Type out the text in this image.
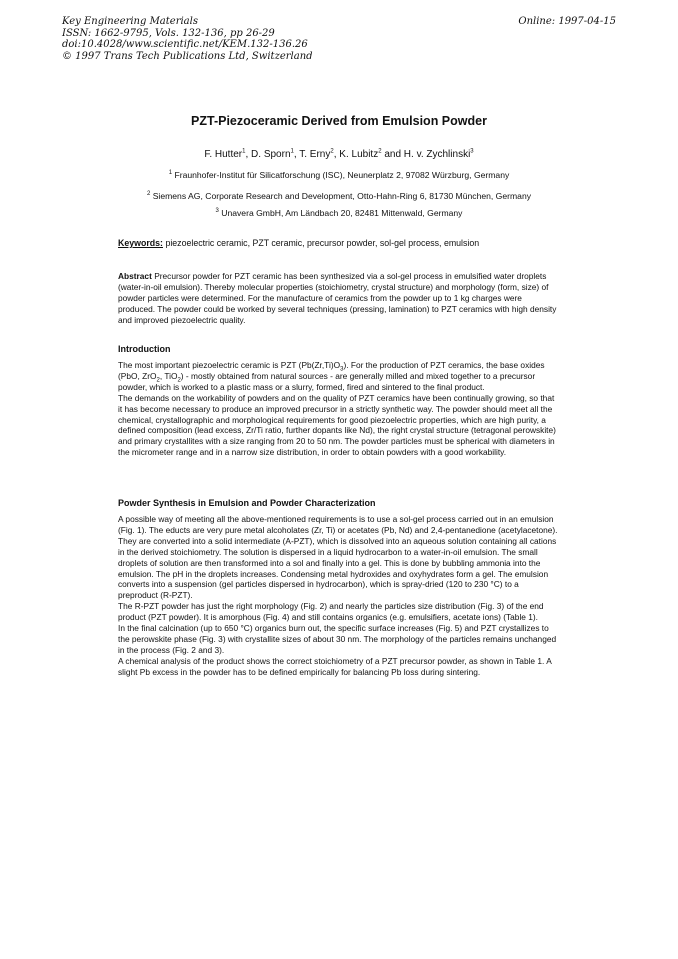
Key Engineering Materials
ISSN: 1662-9795, Vols. 132-136, pp 26-29
doi:10.4028/www.scientific.net/KEM.132-136.26
© 1997 Trans Tech Publications Ltd, Switzerland
Online: 1997-04-15
PZT-Piezoceramic Derived from Emulsion Powder
F. Hutter$^1$, D. Sporn$^1$, T. Erny$^2$, K. Lubitz$^2$ and H. v. Zychlinski$^3$
$^1$ Fraunhofer-Institut für Silicatforschung (ISC), Neunerplatz 2, 97082 Würzburg, Germany
$^2$ Siemens AG, Corporate Research and Development, Otto-Hahn-Ring 6, 81730 München, Germany
$^3$ Unavera GmbH, Am Ländbach 20, 82481 Mittenwald, Germany
Keywords: piezoelectric ceramic, PZT ceramic, precursor powder, sol-gel process, emulsion
Abstract Precursor powder for PZT ceramic has been synthesized via a sol-gel process in emulsified water droplets (water-in-oil emulsion). Thereby molecular properties (stoichiometry, crystal structure) and morphology (form, size) of powder particles were determined. For the manufacture of ceramics from the powder up to 1 kg charges were produced. The powder could be worked by several techniques (pressing, lamination) to PZT ceramics with high density and improved piezoelectric quality.
Introduction

The most important piezoelectric ceramic is PZT $(Pb(Zr,Ti)O_3)$. For the production of PZT ceramics, the base oxides (PbO, ZrO$_2$, TiO$_2$) - mostly obtained from natural sources - are generally milled and mixed together to a precursor powder, which is worked to a plastic mass or a slurry, formed, fired and sintered to the final product.

The demands on the workability of powders and on the quality of PZT ceramics have been continually growing, so that it has become necessary to produce an improved precursor in a strictly synthetic way. The powder should meet all the chemical, crystallographic and morphological requirements for good piezoelectric properties, which are high purity, a defined composition (lead excess, Zr/Ti ratio, further dopants like Nd), the right crystal structure (tetragonal perowskite) and primary crystallites with a size ranging from 20 to 50 nm. The powder particles must be spherical with diameters in the micrometer range and in a narrow size distribution, in order to obtain powders with a good workability.

Powder Synthesis in Emulsion and Powder Characterization

A possible way of meeting all the above-mentioned requirements is to use a sol-gel process carried out in an emulsion (Fig. 1). The educts are very pure metal alcoholates (Zr, Ti) or acetates (Pb, Nd) and 2,4-pentanedione (acetylacetone). They are converted into a solid intermediate (A-PZT), which is dissolved into an aqueous solution containing all cations in the derived stoichiometry. The solution is dispersed in a liquid hydrocarbon to a water-in-oil emulsion. The small droplets of solution are then transformed into a sol and finally into a gel. This is done by bubbling ammonia into the emulsion. The pH in the droplets increases. Condensing metal hydroxides and oxyhydrates form a gel. The emulsion converts into a suspension (gel particles dispersed in hydrocarbon), which is spray-dried (120 to 230 °C) to a preproduct (R-PZT).

The R-PZT powder has just the right morphology (Fig. 2) and nearly the particles size distribution (Fig. 3) of the end product (PZT powder). It is amorphous (Fig. 4) and still contains organics (e.g. emulsifiers, acetate ions) (Table 1).

In the final calcination (up to 650 °C) organics burn out, the specific surface increases (Fig. 5) and PZT crystallizes to the perowskite phase (Fig. 3) with crystallite sizes of about 30 nm. The morphology of the particles remains unchanged in the process (Fig. 2 and 3).

A chemical analysis of the product shows the correct stoichiometry of a PZT precursor powder, as shown in Table 1. A slight Pb excess in the powder has to be defined empirically for balancing Pb loss during sintering.
